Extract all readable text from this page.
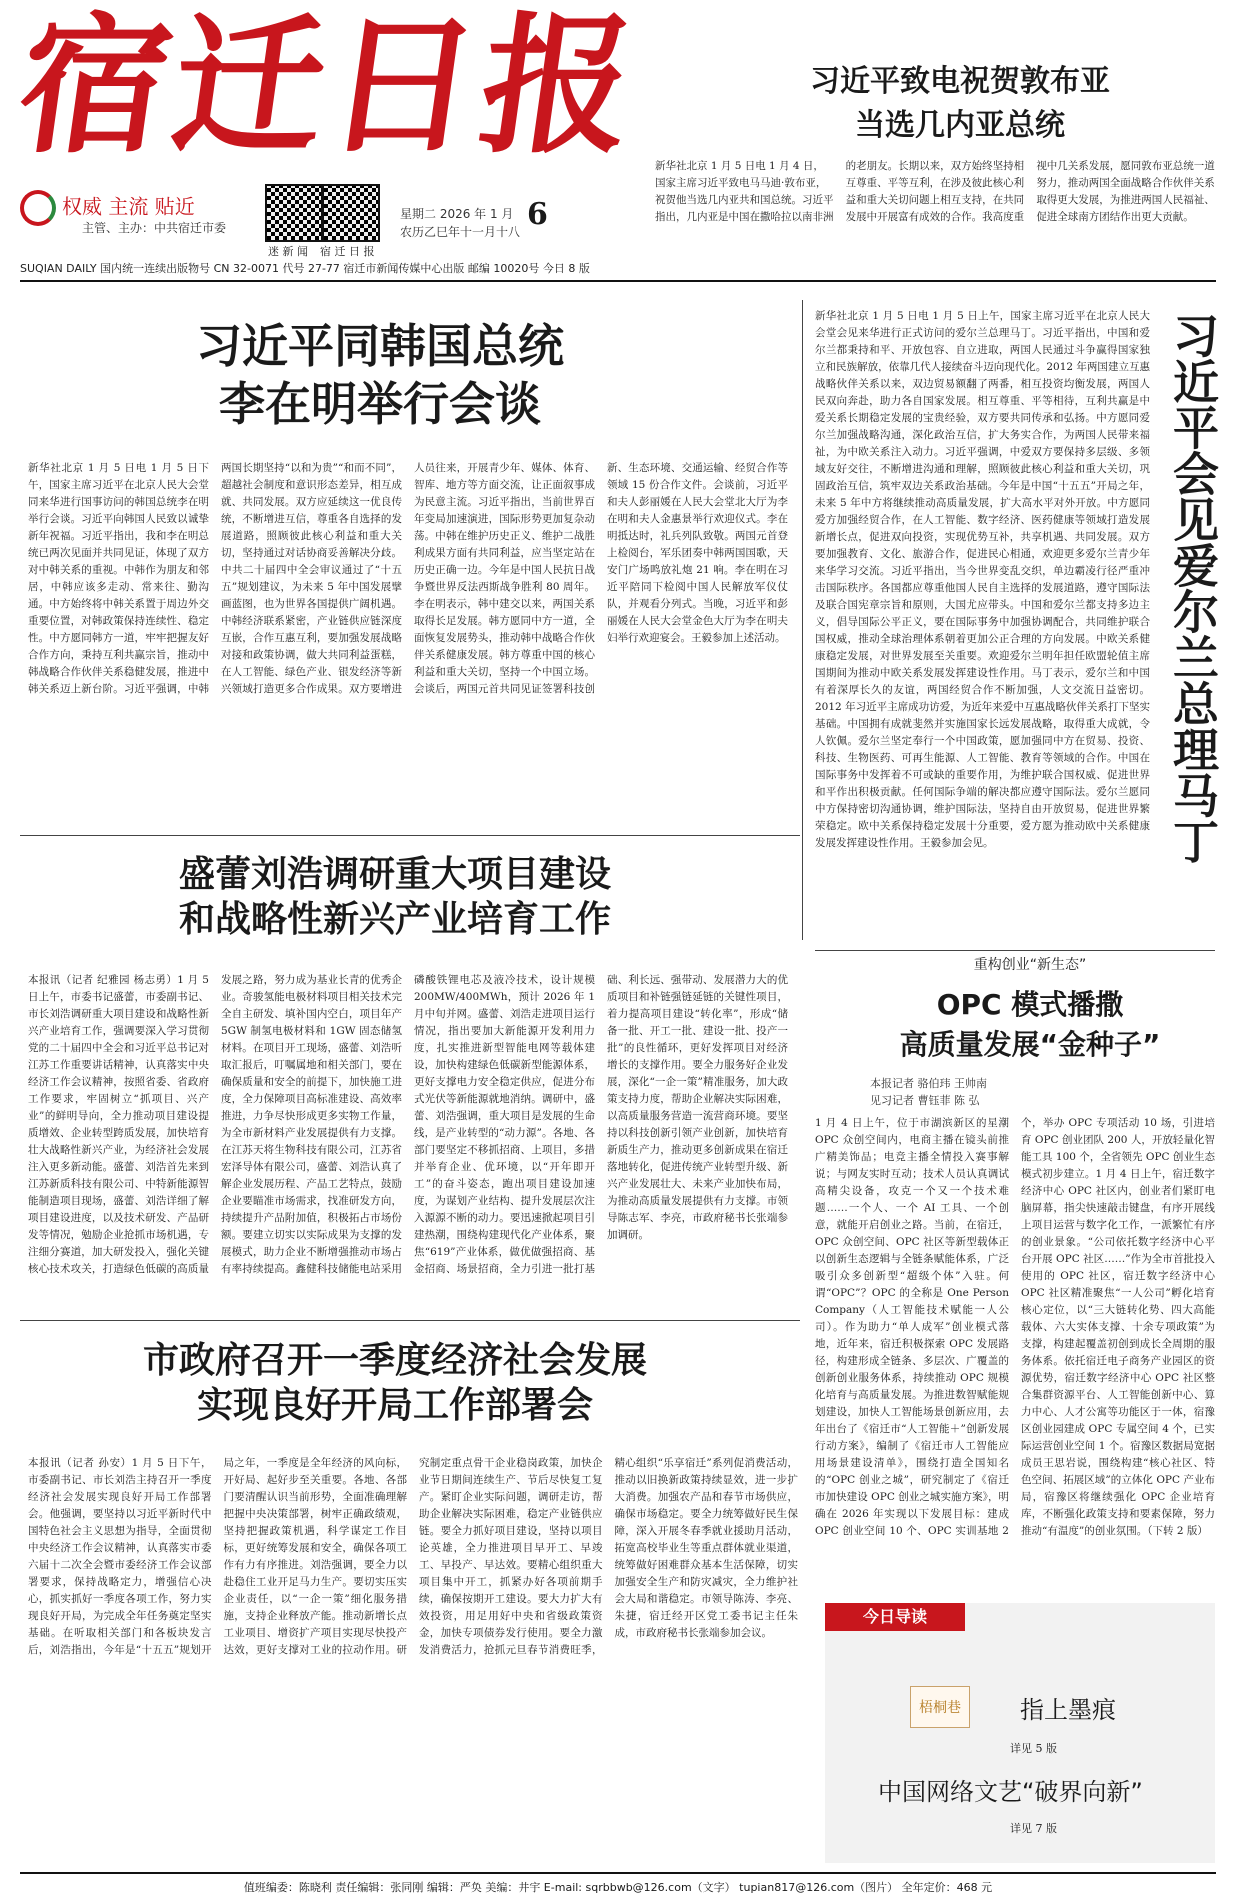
宿迁日报
权威 主流 贴近
主管、主办：中共宿迁市委
迷 新 闻 宿 迁 日 报
星期二 2026 年 1 月
农历乙巳年十一月十八 6
SUQIAN DAILY 国内统一连续出版物号 CN 32-0071 代号 27-77 宿迁市新闻传媒中心出版 邮编 10020号 今日 8 版
习近平致电祝贺敦布亚
当选几内亚总统
新华社北京 1 月 5 日电 1 月 4 日，国家主席习近平致电马马迪·敦布亚，祝贺他当选几内亚共和国总统。习近平指出，几内亚是中国在撒哈拉以南非洲的老朋友。长期以来，双方始终坚持相互尊重、平等互利，在涉及彼此核心利益和重大关切问题上相互支持，在共同发展中开展富有成效的合作。我高度重视中几关系发展，愿同敦布亚总统一道努力，推动两国全面战略合作伙伴关系取得更大发展，为推进两国人民福祉、促进全球南方团结作出更大贡献。
习近平同韩国总统
李在明举行会谈
新华社北京 1 月 5 日电 1 月 5 日下午，国家主席习近平在北京人民大会堂同来华进行国事访问的韩国总统李在明举行会谈。习近平向韩国人民致以诚挚新年祝福。习近平指出，我和李在明总统已两次见面并共同见证，体现了双方对中韩关系的重视。中韩作为朋友和邻居，中韩应该多走动、常来往、勤沟通。中方始终将中韩关系置于周边外交重要位置，对韩政策保持连续性、稳定性。中方愿同韩方一道，牢牢把握友好合作方向，秉持互利共赢宗旨，推动中韩战略合作伙伴关系稳健发展，推进中韩关系迈上新台阶。习近平强调，中韩两国长期坚持“以和为贵”“和而不同”，超越社会制度和意识形态差异，相互成就、共同发展。双方应延续这一优良传统，不断增进互信，尊重各自选择的发展道路，照顾彼此核心利益和重大关切，坚持通过对话协商妥善解决分歧。中共二十届四中全会审议通过了“十五五”规划建议，为未来 5 年中国发展擘画蓝图，也为世界各国提供广阔机遇。中韩经济联系紧密，产业链供应链深度互嵌，合作互惠互利，要加强发展战略对接和政策协调，做大共同利益蛋糕，在人工智能、绿色产业、银发经济等新兴领域打造更多合作成果。双方要增进人员往来，开展青少年、媒体、体育、智库、地方等方面交流，让正面叙事成为民意主流。习近平指出，当前世界百年变局加速演进，国际形势更加复杂动荡。中韩在维护历史正义、维护二战胜利成果方面有共同利益，应当坚定站在历史正确一边。今年是中国人民抗日战争暨世界反法西斯战争胜利 80 周年。李在明表示，韩中建交以来，两国关系取得长足发展。韩方愿同中方一道，全面恢复发展势头，推动韩中战略合作伙伴关系健康发展。韩方尊重中国的核心利益和重大关切，坚持一个中国立场。会谈后，两国元首共同见证签署科技创新、生态环境、交通运输、经贸合作等领域 15 份合作文件。会谈前，习近平和夫人彭丽媛在人民大会堂北大厅为李在明和夫人金惠景举行欢迎仪式。李在明抵达时，礼兵列队致敬。两国元首登上检阅台，军乐团奏中韩两国国歌，天安门广场鸣放礼炮 21 响。李在明在习近平陪同下检阅中国人民解放军仪仗队，并观看分列式。当晚，习近平和彭丽媛在人民大会堂金色大厅为李在明夫妇举行欢迎宴会。王毅参加上述活动。
新华社北京 1 月 5 日电 1 月 5 日上午，国家主席习近平在北京人民大会堂会见来华进行正式访问的爱尔兰总理马丁。习近平指出，中国和爱尔兰都秉持和平、开放包容、自立进取，两国人民通过斗争赢得国家独立和民族解放，依靠几代人接续奋斗迈向现代化。2012 年两国建立互惠战略伙伴关系以来，双边贸易额翻了两番，相互投资均衡发展，两国人民双向奔赴，助力各自国家发展。相互尊重、平等相待，互利共赢是中爱关系长期稳定发展的宝贵经验，双方要共同传承和弘扬。中方愿同爱尔兰加强战略沟通，深化政治互信，扩大务实合作，为两国人民带来福祉，为中欧关系注入动力。习近平强调，中爱双方要保持多层级、多领域友好交往，不断增进沟通和理解，照顾彼此核心利益和重大关切，巩固政治互信，筑牢双边关系政治基础。今年是中国“十五五”开局之年，未来 5 年中方将继续推动高质量发展，扩大高水平对外开放。中方愿同爱方加强经贸合作，在人工智能、数字经济、医药健康等领域打造发展新增长点，促进双向投资，实现优势互补，共享机遇、共同发展。双方要加强教育、文化、旅游合作，促进民心相通，欢迎更多爱尔兰青少年来华学习交流。习近平指出，当今世界变乱交织，单边霸凌行径严重冲击国际秩序。各国都应尊重他国人民自主选择的发展道路，遵守国际法及联合国宪章宗旨和原则，大国尤应带头。中国和爱尔兰都支持多边主义，倡导国际公平正义，要在国际事务中加强协调配合，共同维护联合国权威，推动全球治理体系朝着更加公正合理的方向发展。中欧关系健康稳定发展，对世界发展至关重要。欢迎爱尔兰明年担任欧盟轮值主席国期间为推动中欧关系发展发挥建设性作用。马丁表示，爱尔兰和中国有着深厚长久的友谊，两国经贸合作不断加强，人文交流日益密切。2012 年习近平主席成功访爱，为近年来爱中互惠战略伙伴关系打下坚实基础。中国拥有成就斐然并实施国家长远发展战略，取得重大成就，令人钦佩。爱尔兰坚定奉行一个中国政策，愿加强同中方在贸易、投资、科技、生物医药、可再生能源、人工智能、教育等领域的合作。中国在国际事务中发挥着不可或缺的重要作用，为维护联合国权威、促进世界和平作出积极贡献。任何国际争端的解决都应遵守国际法。爱尔兰愿同中方保持密切沟通协调，维护国际法，坚持自由开放贸易，促进世界繁荣稳定。欧中关系保持稳定发展十分重要，爱方愿为推动欧中关系健康发展发挥建设性作用。王毅参加会见。	习近平会见爱尔兰总理马丁
盛蕾刘浩调研重大项目建设
和战略性新兴产业培育工作
本报讯（记者 纪雅园 杨志勇）1 月 5 日上午，市委书记盛蕾，市委副书记、市长刘浩调研重大项目建设和战略性新兴产业培育工作，强调要深入学习贯彻党的二十届四中全会和习近平总书记对江苏工作重要讲话精神，认真落实中央经济工作会议精神，按照省委、省政府工作要求，牢固树立“抓项目、兴产业”的鲜明导向，全力推动项目建设提质增效、企业转型跨质发展，加快培育壮大战略性新兴产业，为经济社会发展注入更多新动能。盛蕾、刘浩首先来到江苏新质科技有限公司、中特新能源智能制造项目现场，盛蕾、刘浩详细了解项目建设进度，以及技术研发、产品研发等情况，勉励企业抢抓市场机遇，专注细分赛道，加大研发投入，强化关键核心技术攻关，打造绿色低碳的高质量发展之路，努力成为基业长青的优秀企业。奇骏氢能电极材料项目相关技术完全自主研发、填补国内空白，项目年产 5GW 制氢电极材料和 1GW 固态储氢材料。在项目开工现场，盛蕾、刘浩听取汇报后，叮嘱属地和相关部门，要在确保质量和安全的前提下，加快施工进度，全力保障项目高标准建设、高效率推进，力争尽快形成更多实物工作量，为全市新材料产业发展提供有力支撑。在江苏天将生物科技有限公司，江苏省宏泽导体有限公司，盛蕾、刘浩认真了解企业发展历程、产品工艺特点，鼓励企业要瞄准市场需求，找准研发方向，持续提升产品附加值，积极拓占市场份额。要建立切实以实际成果为支撑的发展模式，助力企业不断增强推动市场占有率持续提高。鑫健科技储能电站采用磷酸铁锂电芯及液冷技术，设计规模 200MW/400MWh，预计 2026 年 1 月中旬并网。盛蕾、刘浩走进项目运行情况，指出要加大新能源开发利用力度，扎实推进新型智能电网等载体建设，加快构建绿色低碳新型能源体系，更好支撑电力安全稳定供应，促进分布式光伏等新能源就地消纳。调研中，盛蕾、刘浩强调，重大项目是发展的生命线，是产业转型的“动力源”。各地、各部门要坚定不移抓招商、上项目，多措并举育企业、优环境，以“开年即开工”的奋斗姿态，跑出项目建设加速度，为谋划产业结构、提升发展层次注入源源不断的动力。要迅速掀起项目引建热潮，围绕构建现代化产业体系，聚焦“619”产业体系，做优做强招商、基金招商、场景招商，全力引进一批打基础、利长远、强带动、发展潜力大的优质项目和补链强链延链的关键性项目，着力提高项目建设“转化率”，形成“储备一批、开工一批、建设一批、投产一批”的良性循环，更好发挥项目对经济增长的支撑作用。要全力服务好企业发展，深化“一企一策”精准服务，加大政策支持力度，帮助企业解决实际困难，以高质量服务营造一流营商环境。要坚持以科技创新引领产业创新，加快培育新质生产力，推动更多创新成果在宿迁落地转化，促进传统产业转型升级、新兴产业发展壮大、未来产业加快布局，为推动高质量发展提供有力支撑。市领导陈志军、李亮，市政府秘书长张端参加调研。
重构创业“新生态”
OPC 模式播撒
高质量发展“金种子”
本报记者 骆伯玮 王帅南
见习记者 曹钰菲 陈 弘
1 月 4 日上午，位于市湖滨新区的星潮 OPC 众创空间内，电商主播在镜头前推广精美饰品；电竞主播全情投入赛事解说；与网友实时互动；技术人员认真调试高精尖设备，攻克一个又一个技术难题……一个人、一个 AI 工具、一个创意，就能开启创业之路。当前，在宿迁，OPC 众创空间、OPC 社区等新型载体正以创新生态逻辑与全链条赋能体系，广泛吸引众多创新型“超级个体”入驻。何谓“OPC”？OPC 的全称是 One Person Company（人工智能技术赋能一人公司）。作为助力“单人成军”创业模式落地，近年来，宿迁积极探索 OPC 发展路径，构建形成全链条、多层次、广覆盖的创新创业服务体系，持续推动 OPC 规模化培育与高质量发展。为推进数智赋能规划建设，加快人工智能场景创新应用，去年出台了《宿迁市“人工智能＋”创新发展行动方案》，编制了《宿迁市人工智能应用场景建设清单》，围绕打造全国知名的“OPC 创业之城”，研究制定了《宿迁市加快建设 OPC 创业之城实施方案》，明确在 2026 年实现以下发展目标：建成 OPC 创业空间 10 个、OPC 实训基地 2 个，举办 OPC 专项活动 10 场，引进培育 OPC 创业团队 200 人，开放轻量化智能工具 100 个，全省领先 OPC 创业生态模式初步建立。1 月 4 日上午，宿迁数字经济中心 OPC 社区内，创业者们紧盯电脑屏幕，指尖快速敲击键盘，有序开展线上项目运营与数字化工作，一派繁忙有序的创业景象。“公司依托数字经济中心平台开展 OPC 社区……”作为全市首批投入使用的 OPC 社区，宿迁数字经济中心 OPC 社区精准聚焦“一人公司”孵化培育核心定位，以“三大链转化势、四大高能载体、六大实体支撑、十余专项政策”为支撑，构建起覆盖初创到成长全周期的服务体系。依托宿迁电子商务产业园区的资源优势，宿迁数字经济中心 OPC 社区整合集群资源平台、人工智能创新中心、算力中心、人才公寓等功能区于一体，宿豫区创业园建成 OPC 专属空间 4 个，已实际运营创业空间 1 个。宿豫区数据局宽据成员王思岩说，围绕构建“核心社区、特色空间、拓展区域”的立体化 OPC 产业布局，宿豫区将继续强化 OPC 企业培育库，不断强化政策支持和要素保障，努力推动“有温度”的创业氛围。（下转 2 版）
市政府召开一季度经济社会发展
实现良好开局工作部署会
本报讯（记者 孙安）1 月 5 日下午，市委副书记、市长刘浩主持召开一季度经济社会发展实现良好开局工作部署会。他强调，要坚持以习近平新时代中国特色社会主义思想为指导，全面贯彻中央经济工作会议精神，认真落实市委六届十二次全会暨市委经济工作会议部署要求，保持战略定力，增强信心决心，抓实抓好一季度各项工作，努力实现良好开局，为完成全年任务奠定坚实基础。在听取相关部门和各板块发言后，刘浩指出，今年是“十五五”规划开局之年，一季度是全年经济的风向标，开好局、起好步至关重要。各地、各部门要清醒认识当前形势，全面准确理解把握中央决策部署，树牢正确政绩观，坚持把握政策机遇，科学谋定工作目标，更好统筹发展和安全，确保各项工作有力有序推进。刘浩强调，要全力以赴稳住工业开足马力生产。要切实压实企业责任，以“一企一策”细化服务措施，支持企业释放产能。推动新增长点工业项目、增资扩产项目实现尽快投产达效，更好支撑对工业的拉动作用。研究制定重点骨干企业稳岗政策，加快企业节日期间连续生产、节后尽快复工复产。紧盯企业实际问题，调研走访，帮助企业解决实际困难，稳定产业链供应链。要全力抓好项目建设，坚持以项目论英雄，全力推进项目早开工、早竣工、早投产、早达效。要精心组织重大项目集中开工，抓紧办好各项前期手续，确保按期开工建设。要大力扩大有效投资，用足用好中央和省级政策资金，加快专项债券发行使用。要全力激发消费活力，抢抓元旦春节消费旺季，精心组织“乐享宿迁”系列促消费活动，推动以旧换新政策持续显效，进一步扩大消费。加强农产品和春节市场供应，确保市场稳定。要全力统筹做好民生保障，深入开展冬春季就业援助月活动，拓宽高校毕业生等重点群体就业渠道，统筹做好困难群众基本生活保障，切实加强安全生产和防灾减灾，全力维护社会大局和谐稳定。市领导陈涛、李亮、朱捷，宿迁经开区党工委书记主任朱成，市政府秘书长张端参加会议。
今日导读
梧桐巷	指上墨痕
详见 5 版
中国网络文艺“破界向新”
详见 7 版
值班编委：陈晓利 责任编辑：张同刚 编辑：严奂 美编：井宇 E-mail: sqrbbwb@126.com（文字） tupian817@126.com（图片） 全年定价：468 元
